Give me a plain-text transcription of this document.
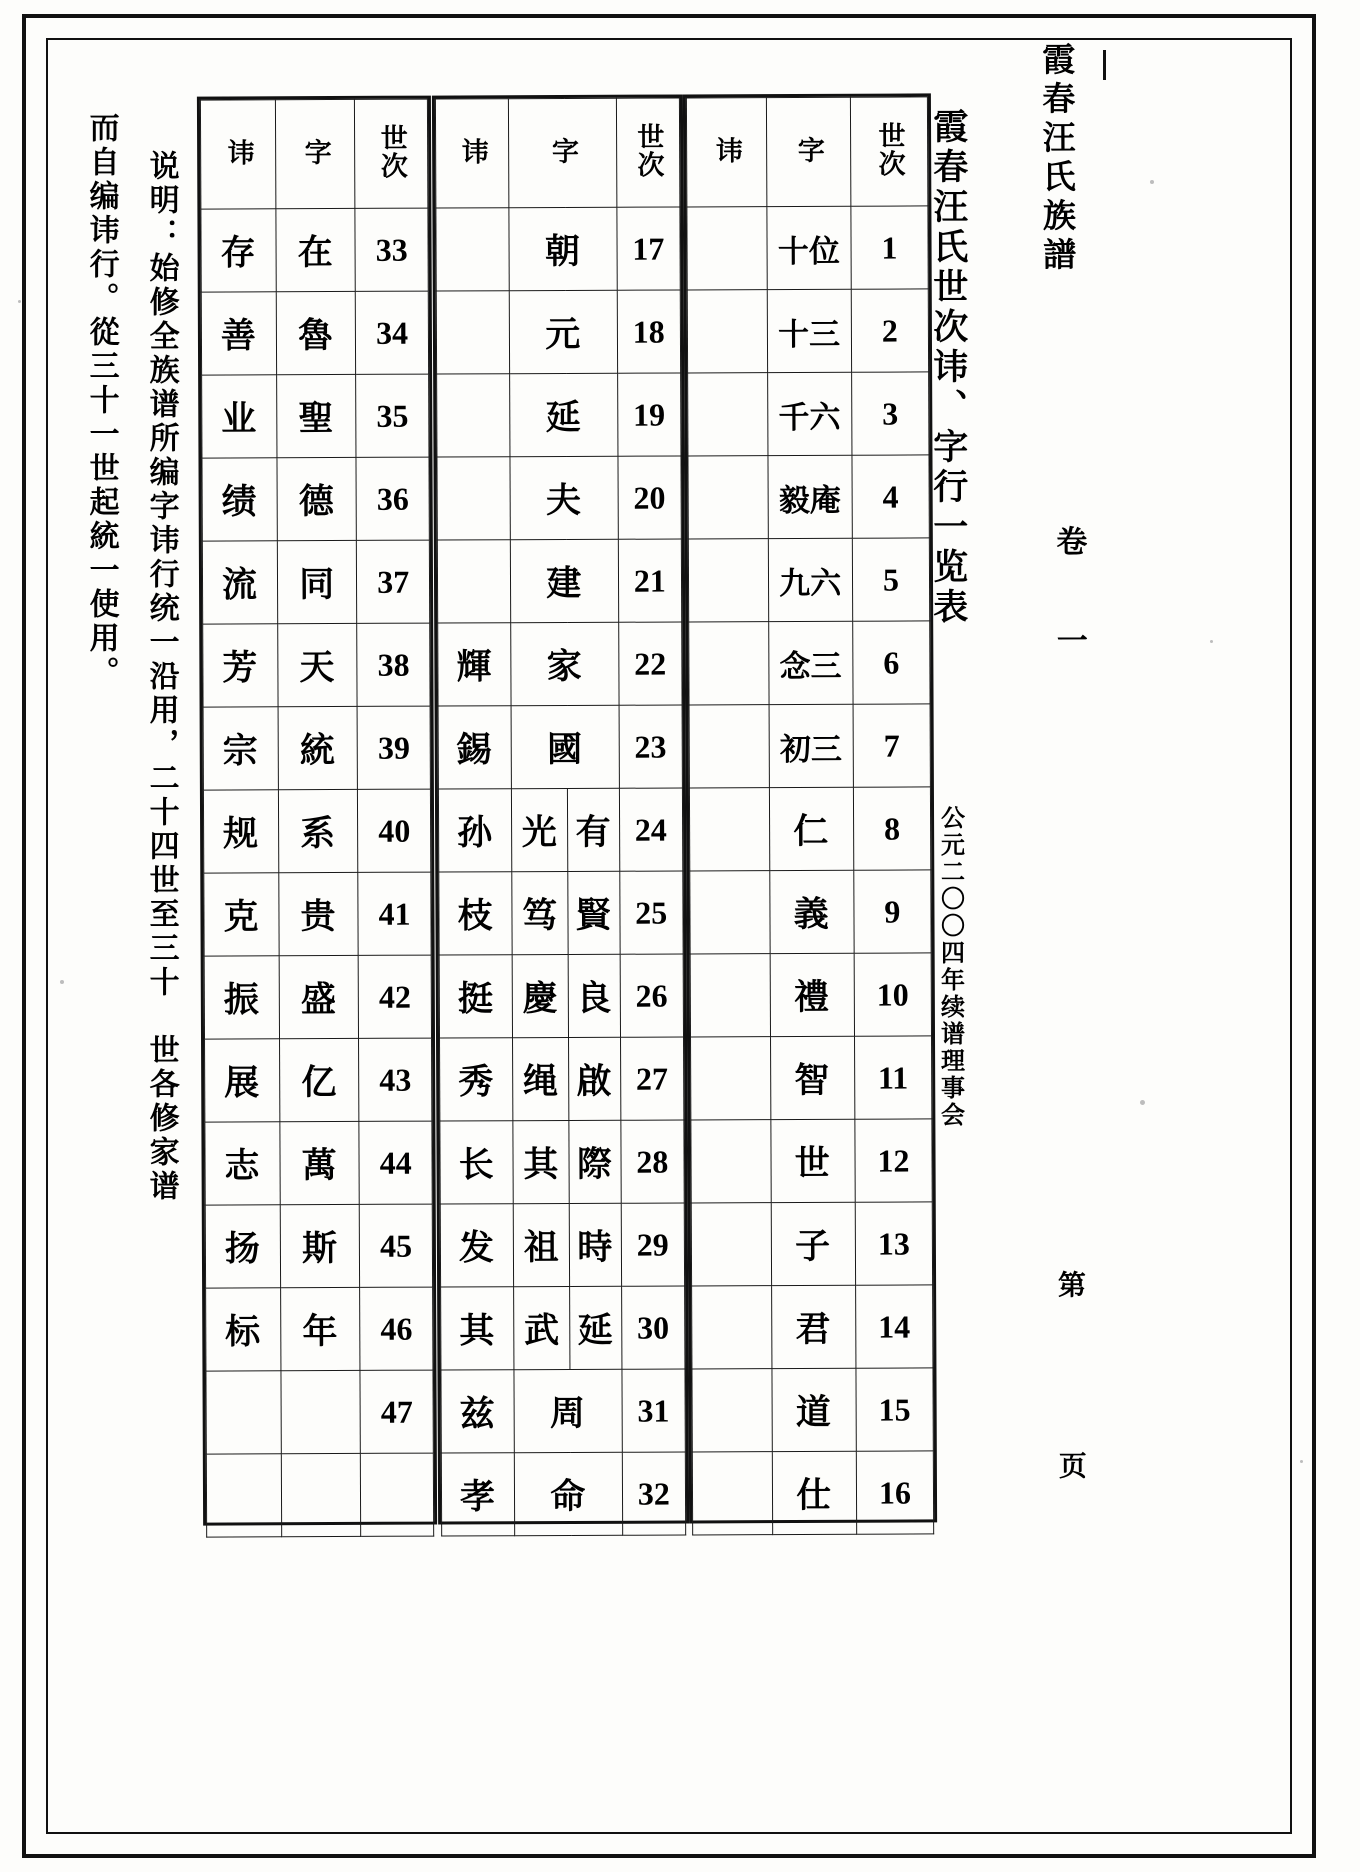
霞春汪氏族譜
卷 一
第 页
霞春汪氏世次讳、字行一览表
公元二〇〇四年续谱理事会
说明：始修全族谱所编字讳行统一沿用，二十四世至三十　世各修家谱
而自编讳行。從三十一世起統一使用。	讳	字	世次
	十位	1
	十三	2
	千六	3
	毅庵	4
	九六	5
	念三	6
	初三	7
	仁	8
	義	9
	禮	10
	智	11
	世	12
	子	13
	君	14
	道	15
	仕	16
讳	字		世次
	朝		17
	元		18
	延		19
	夫		20
	建		21
輝	家		22
錫	國		23
孙	光	有	24
枝	笃	賢	25
挺	慶	良	26
秀	绳	啟	27
长	其	際	28
发	祖	時	29
其	武	延	30
兹	周		31
孝	命		32
讳	字	世次
存	在	33
善	魯	34
业	聖	35
绩	德	36
流	同	37
芳	天	38
宗	統	39
规	系	40
克	贵	41
振	盛	42
展	亿	43
志	萬	44
扬	斯	45
标	年	46
		47
